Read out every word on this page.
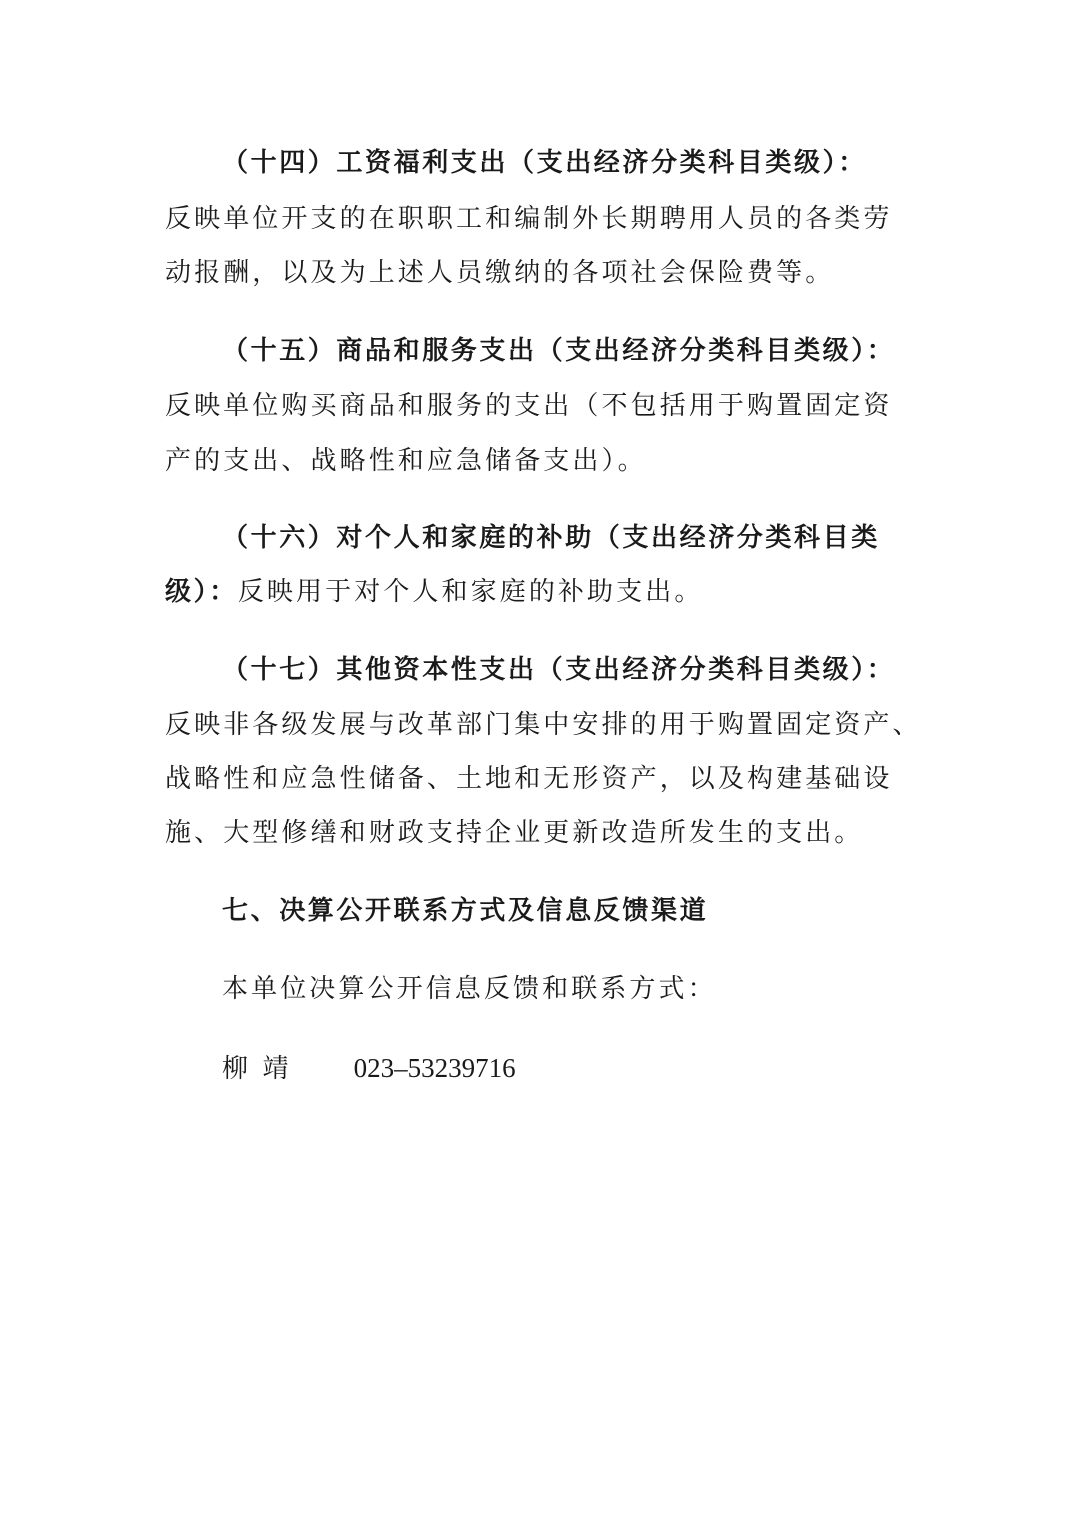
（十四）工资福利支出（支出经济分类科目类级）：
反映单位开支的在职职工和编制外长期聘用人员的各类劳
动报酬，以及为上述人员缴纳的各项社会保险费等。
（十五）商品和服务支出（支出经济分类科目类级）：
反映单位购买商品和服务的支出（不包括用于购置固定资
产的支出、战略性和应急储备支出）。
（十六）对个人和家庭的补助（支出经济分类科目类
级）：反映用于对个人和家庭的补助支出。
（十七）其他资本性支出（支出经济分类科目类级）：
反映非各级发展与改革部门集中安排的用于购置固定资产、
战略性和应急性储备、土地和无形资产，以及构建基础设
施、大型修缮和财政支持企业更新改造所发生的支出。
七、决算公开联系方式及信息反馈渠道
本单位决算公开信息反馈和联系方式：
柳 靖 023–53239716
